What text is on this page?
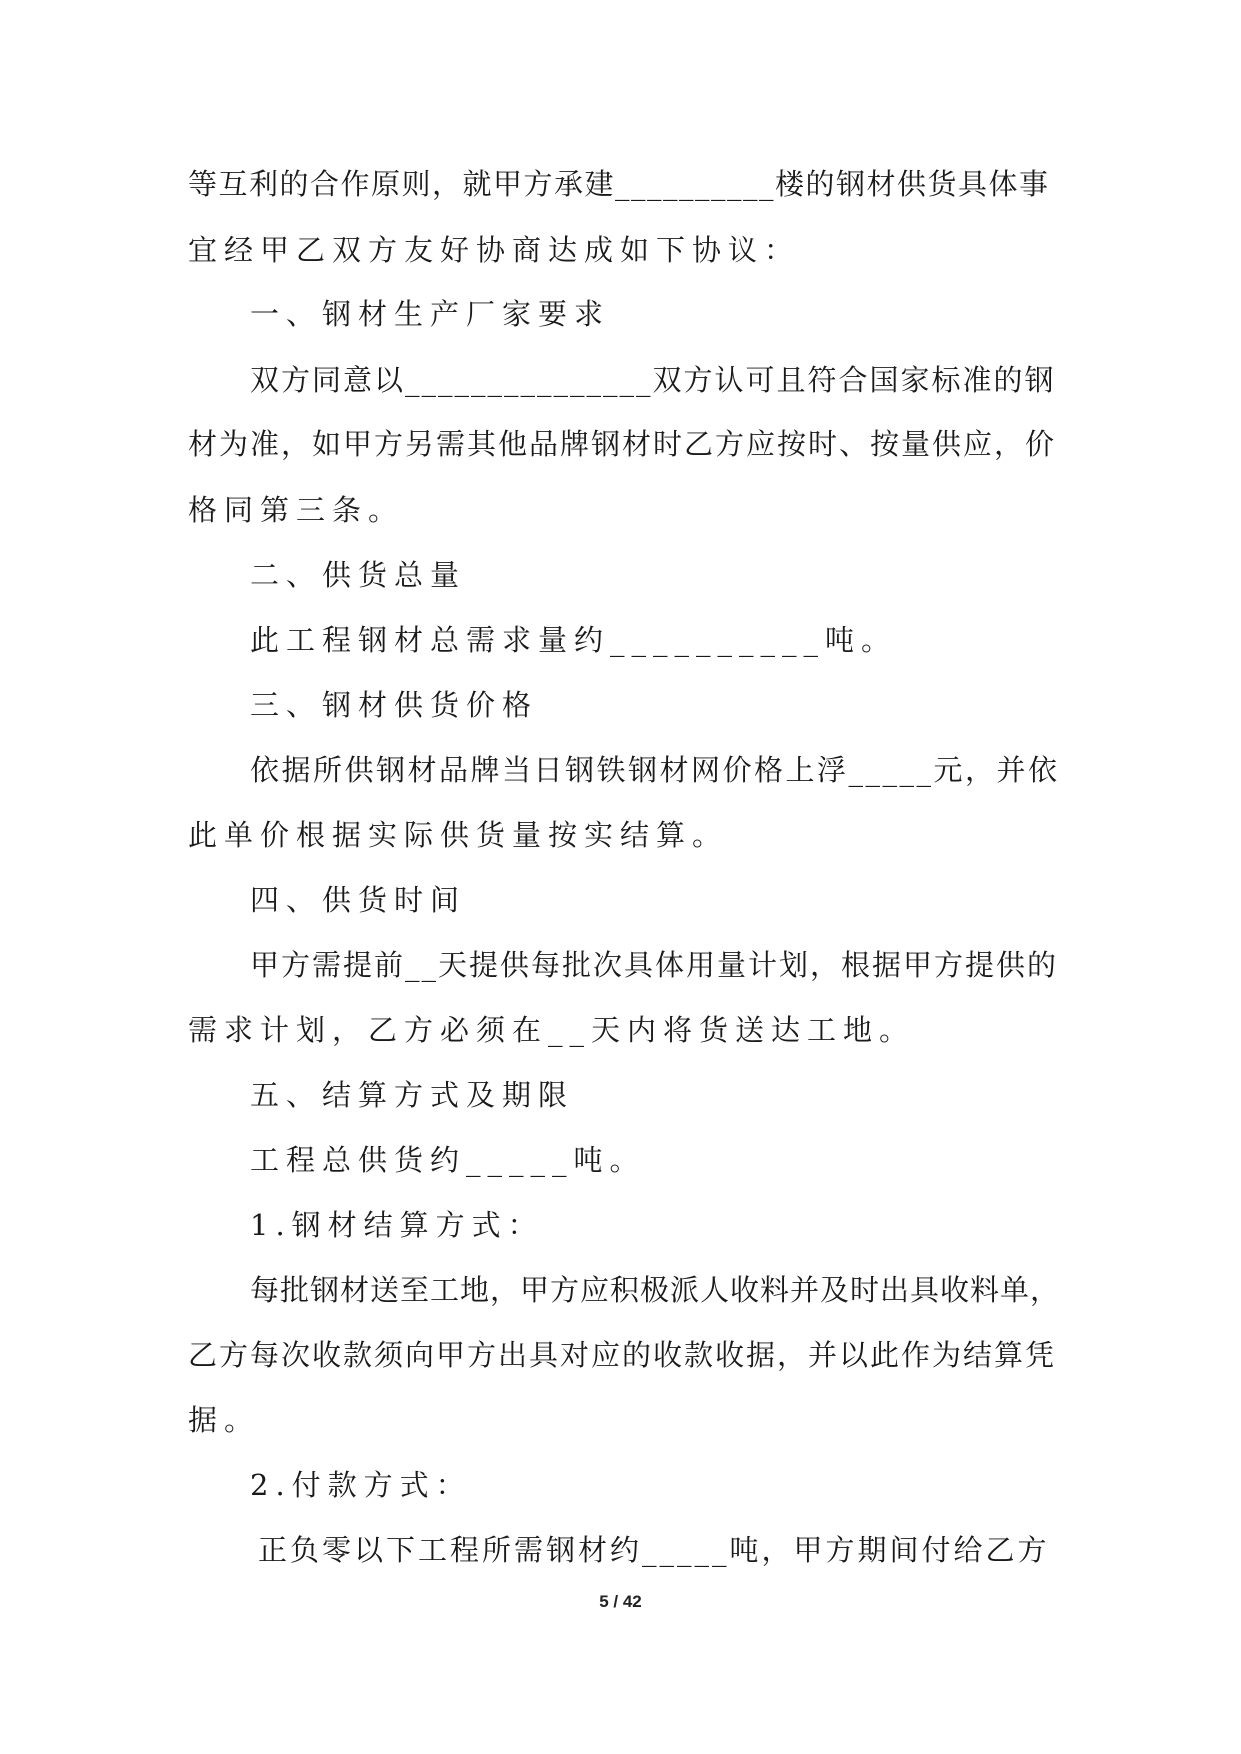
等互利的合作原则，就甲方承建__________楼的钢材供货具体事
宜经甲乙双方友好协商达成如下协议：
一、钢材生产厂家要求
双方同意以_______________双方认可且符合国家标准的钢
材为准，如甲方另需其他品牌钢材时乙方应按时、按量供应，价
格同第三条。
二、供货总量
此工程钢材总需求量约__________吨。
三、钢材供货价格
依据所供钢材品牌当日钢铁钢材网价格上浮_____元，并依
此单价根据实际供货量按实结算。
四、供货时间
甲方需提前__天提供每批次具体用量计划，根据甲方提供的
需求计划，乙方必须在__天内将货送达工地。
五、结算方式及期限
工程总供货约_____吨。
1.钢材结算方式：
每批钢材送至工地，甲方应积极派人收料并及时出具收料单，
乙方每次收款须向甲方出具对应的收款收据，并以此作为结算凭
据。
2.付款方式：
正负零以下工程所需钢材约_____吨，甲方期间付给乙方
5 / 42
